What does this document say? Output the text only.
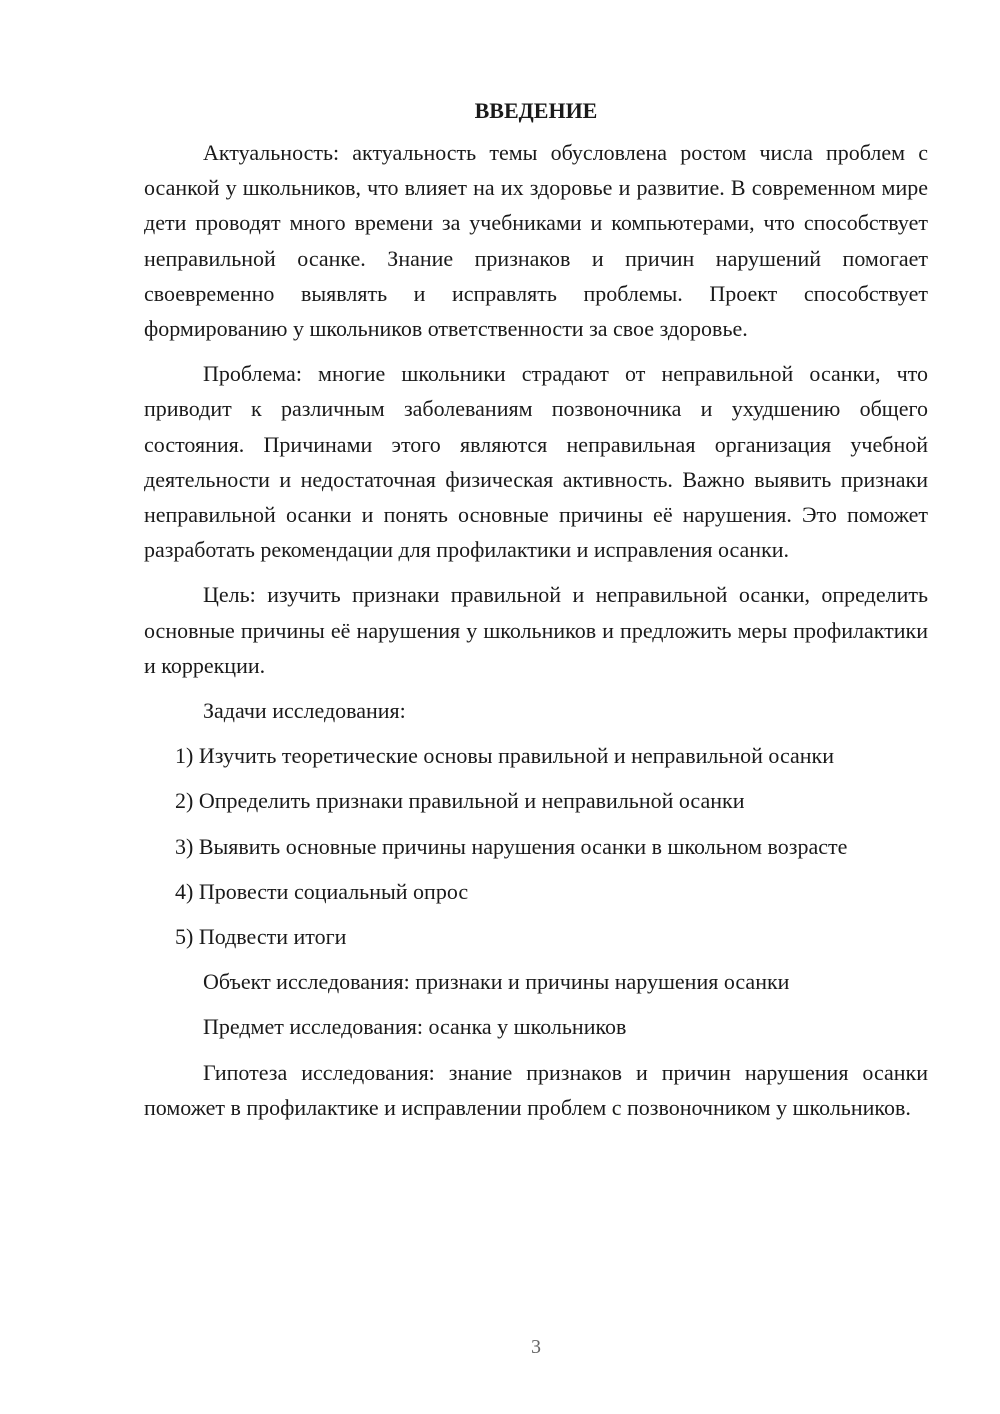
ВВЕДЕНИЕ

Актуальность: актуальность темы обусловлена ростом числа проблем с осанкой у школьников, что влияет на их здоровье и развитие. В современном мире дети проводят много времени за учебниками и компьютерами, что способствует неправильной осанке. Знание признаков и причин нарушений помогает своевременно выявлять и исправлять проблемы. Проект способствует формированию у школьников ответственности за свое здоровье.

Проблема: многие школьники страдают от неправильной осанки, что приводит к различным заболеваниям позвоночника и ухудшению общего состояния. Причинами этого являются неправильная организация учебной деятельности и недостаточная физическая активность. Важно выявить признаки неправильной осанки и понять основные причины её нарушения. Это поможет разработать рекомендации для профилактики и исправления осанки.

Цель: изучить признаки правильной и неправильной осанки, определить основные причины её нарушения у школьников и предложить меры профилактики и коррекции.

Задачи исследования:
1) Изучить теоретические основы правильной и неправильной осанки
2) Определить признаки правильной и неправильной осанки

3) Выявить основные причины нарушения осанки в школьном возрасте

4) Провести социальный опрос
5) Подвести итоги
Объект исследования: признаки и причины нарушения осанки
Предмет исследования: осанка у школьников

Гипотеза исследования: знание признаков и причин нарушения осанки поможет в профилактике и исправлении проблем с позвоночником у школьников.

3
